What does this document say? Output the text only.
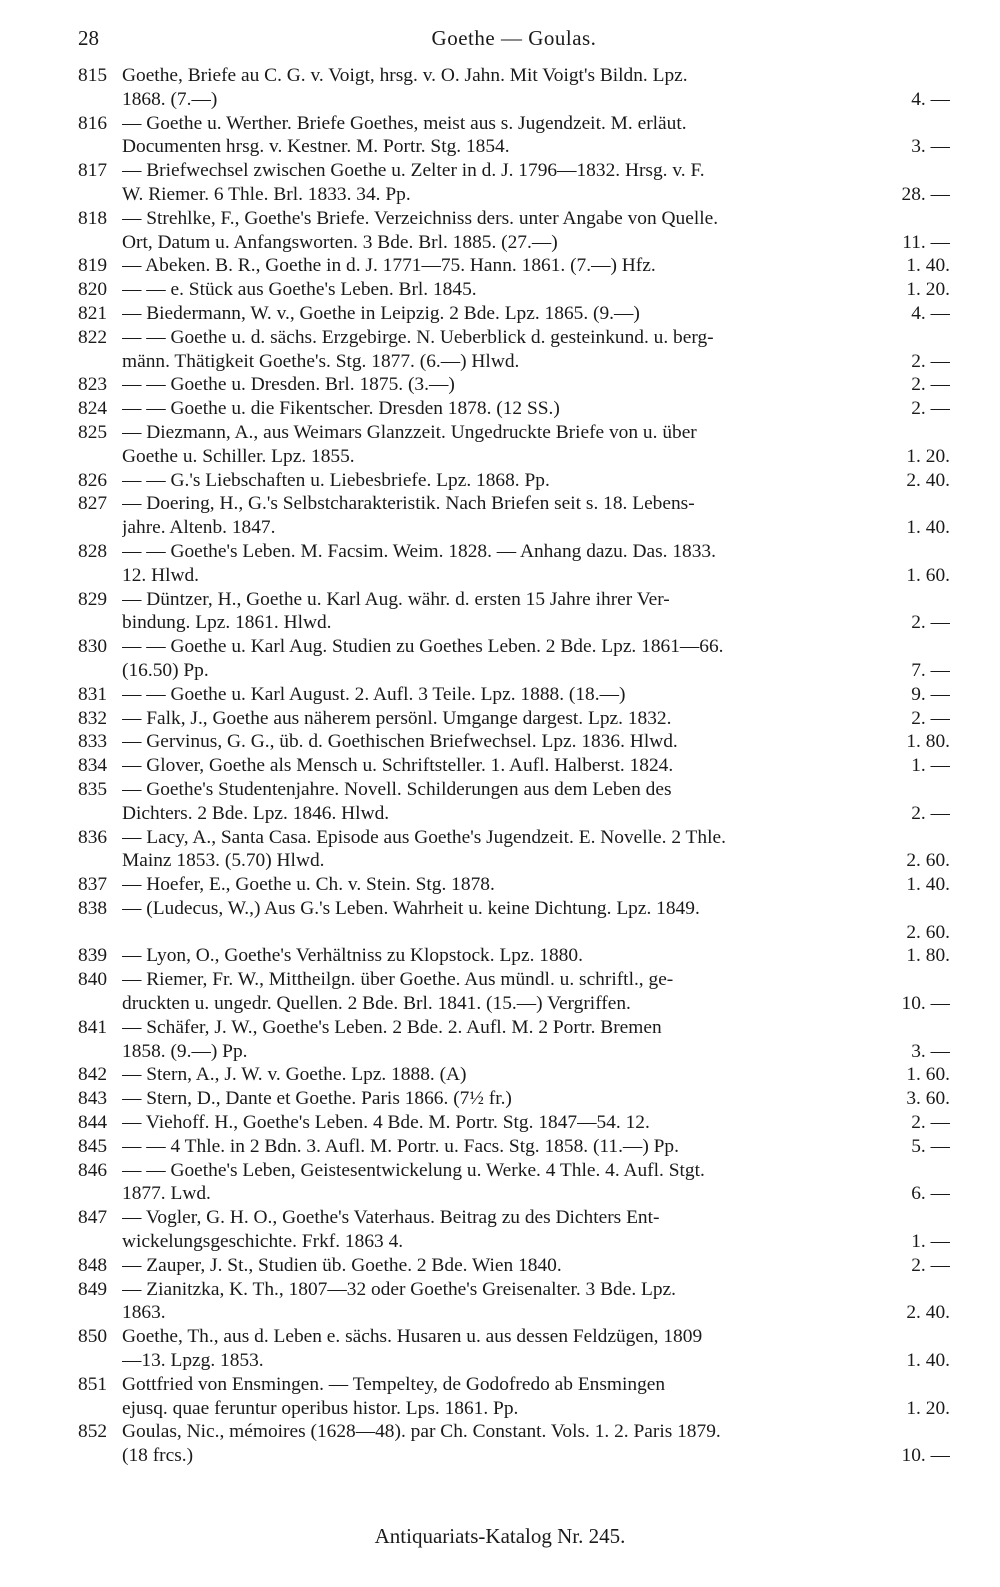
28	Goethe — Goulas.
815 Goethe, Briefe au C. G. v. Voigt, hrsg. v. O. Jahn. Mit Voigt's Bildn. Lpz.
1868. (7.—)	4. —
816 — Goethe u. Werther. Briefe Goethes, meist aus s. Jugendzeit. M. erläut.
Documenten hrsg. v. Kestner. M. Portr. Stg. 1854.	3. —
817 — Briefwechsel zwischen Goethe u. Zelter in d. J. 1796—1832. Hrsg. v. F.
W. Riemer. 6 Thle. Brl. 1833. 34. Pp.	28. —
818 — Strehlke, F., Goethe's Briefe. Verzeichniss ders. unter Angabe von Quelle.
Ort, Datum u. Anfangsworten. 3 Bde. Brl. 1885. (27.—)	11. —
819 — Abeken. B. R., Goethe in d. J. 1771—75. Hann. 1861. (7.—) Hfz.	1. 40.
820 — — e. Stück aus Goethe's Leben. Brl. 1845.	1. 20.
821 — Biedermann, W. v., Goethe in Leipzig. 2 Bde. Lpz. 1865. (9.—)	4. —
822 — — Goethe u. d. sächs. Erzgebirge. N. Ueberblick d. gesteinkund. u. berg-
männ. Thätigkeit Goethe's. Stg. 1877. (6.—) Hlwd.	2. —
823 — — Goethe u. Dresden. Brl. 1875. (3.—)	2. —
824 — — Goethe u. die Fikentscher. Dresden 1878. (12 SS.)	2. —
825 — Diezmann, A., aus Weimars Glanzzeit. Ungedruckte Briefe von u. über
Goethe u. Schiller. Lpz. 1855.	1. 20.
826 — — G.'s Liebschaften u. Liebesbriefe. Lpz. 1868. Pp.	2. 40.
827 — Doering, H., G.'s Selbstcharakteristik. Nach Briefen seit s. 18. Lebens-
jahre. Altenb. 1847.	1. 40.
828 — — Goethe's Leben. M. Facsim. Weim. 1828. — Anhang dazu. Das. 1833.
12. Hlwd.	1. 60.
829 — Düntzer, H., Goethe u. Karl Aug. währ. d. ersten 15 Jahre ihrer Ver-
bindung. Lpz. 1861. Hlwd.	2. —
830 — — Goethe u. Karl Aug. Studien zu Goethes Leben. 2 Bde. Lpz. 1861—66.
(16.50) Pp.	7. —
831 — — Goethe u. Karl August. 2. Aufl. 3 Teile. Lpz. 1888. (18.—)	9. —
832 — Falk, J., Goethe aus näherem persönl. Umgange dargest. Lpz. 1832.	2. —
833 — Gervinus, G. G., üb. d. Goethischen Briefwechsel. Lpz. 1836. Hlwd.	1. 80.
834 — Glover, Goethe als Mensch u. Schriftsteller. 1. Aufl. Halberst. 1824.	1. —
835 — Goethe's Studentenjahre. Novell. Schilderungen aus dem Leben des
Dichters. 2 Bde. Lpz. 1846. Hlwd.	2. —
836 — Lacy, A., Santa Casa. Episode aus Goethe's Jugendzeit. E. Novelle. 2 Thle.
Mainz 1853. (5.70) Hlwd.	2. 60.
837 — Hoefer, E., Goethe u. Ch. v. Stein. Stg. 1878.	1. 40.
838 — (Ludecus, W.,) Aus G.'s Leben. Wahrheit u. keine Dichtung. Lpz. 1849.
2. 60.
839 — Lyon, O., Goethe's Verhältniss zu Klopstock. Lpz. 1880.	1. 80.
840 — Riemer, Fr. W., Mittheilgn. über Goethe. Aus mündl. u. schriftl., ge-
druckten u. ungedr. Quellen. 2 Bde. Brl. 1841. (15.—) Vergriffen.	10. —
841 — Schäfer, J. W., Goethe's Leben. 2 Bde. 2. Aufl. M. 2 Portr. Bremen
1858. (9.—) Pp.	3. —
842 — Stern, A., J. W. v. Goethe. Lpz. 1888. (A)	1. 60.
843 — Stern, D., Dante et Goethe. Paris 1866. (7½ fr.)	3. 60.
844 — Viehoff. H., Goethe's Leben. 4 Bde. M. Portr. Stg. 1847—54. 12.	2. —
845 — — 4 Thle. in 2 Bdn. 3. Aufl. M. Portr. u. Facs. Stg. 1858. (11.—) Pp.	5. —
846 — — Goethe's Leben, Geistesentwickelung u. Werke. 4 Thle. 4. Aufl. Stgt.
1877. Lwd.	6. —
847 — Vogler, G. H. O., Goethe's Vaterhaus. Beitrag zu des Dichters Ent-
wickelungsgeschichte. Frkf. 1863 4.	1. —
848 — Zauper, J. St., Studien üb. Goethe. 2 Bde. Wien 1840.	2. —
849 — Zianitzka, K. Th., 1807—32 oder Goethe's Greisenalter. 3 Bde. Lpz.
1863.	2. 40.
850 Goethe, Th., aus d. Leben e. sächs. Husaren u. aus dessen Feldzügen, 1809
—13. Lpzg. 1853.	1. 40.
851 Gottfried von Ensmingen. — Tempeltey, de Godofredo ab Ensmingen
ejusq. quae feruntur operibus histor. Lps. 1861. Pp.	1. 20.
852 Goulas, Nic., mémoires (1628—48). par Ch. Constant. Vols. 1. 2. Paris 1879.
(18 frcs.)	10. —
Antiquariats-Katalog Nr. 245.
